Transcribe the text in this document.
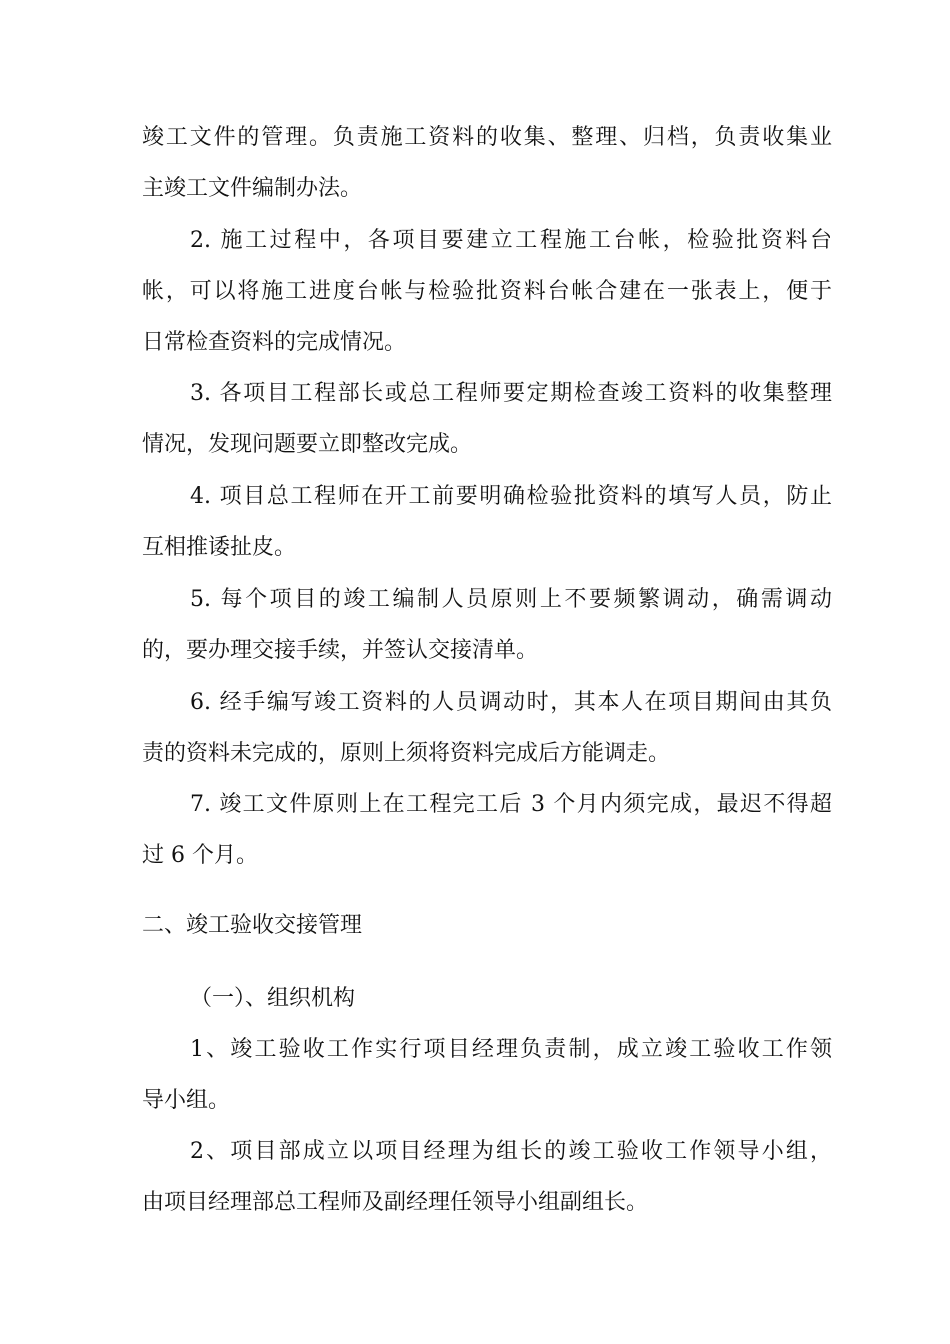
竣工文件的管理。负责施工资料的收集、整理、归档，负责收集业
主竣工文件编制办法。
2. 施工过程中，各项目要建立工程施工台帐，检验批资料台
帐，可以将施工进度台帐与检验批资料台帐合建在一张表上，便于
日常检查资料的完成情况。
3. 各项目工程部长或总工程师要定期检查竣工资料的收集整理
情况，发现问题要立即整改完成。
4. 项目总工程师在开工前要明确检验批资料的填写人员，防止
互相推诿扯皮。
5. 每个项目的竣工编制人员原则上不要频繁调动，确需调动
的，要办理交接手续，并签认交接清单。
6. 经手编写竣工资料的人员调动时，其本人在项目期间由其负
责的资料未完成的，原则上须将资料完成后方能调走。
7. 竣工文件原则上在工程完工后 3 个月内须完成，最迟不得超
过 6 个月。
二、竣工验收交接管理
（一）、组织机构
1、竣工验收工作实行项目经理负责制，成立竣工验收工作领
导小组。
2、项目部成立以项目经理为组长的竣工验收工作领导小组，
由项目经理部总工程师及副经理任领导小组副组长。
